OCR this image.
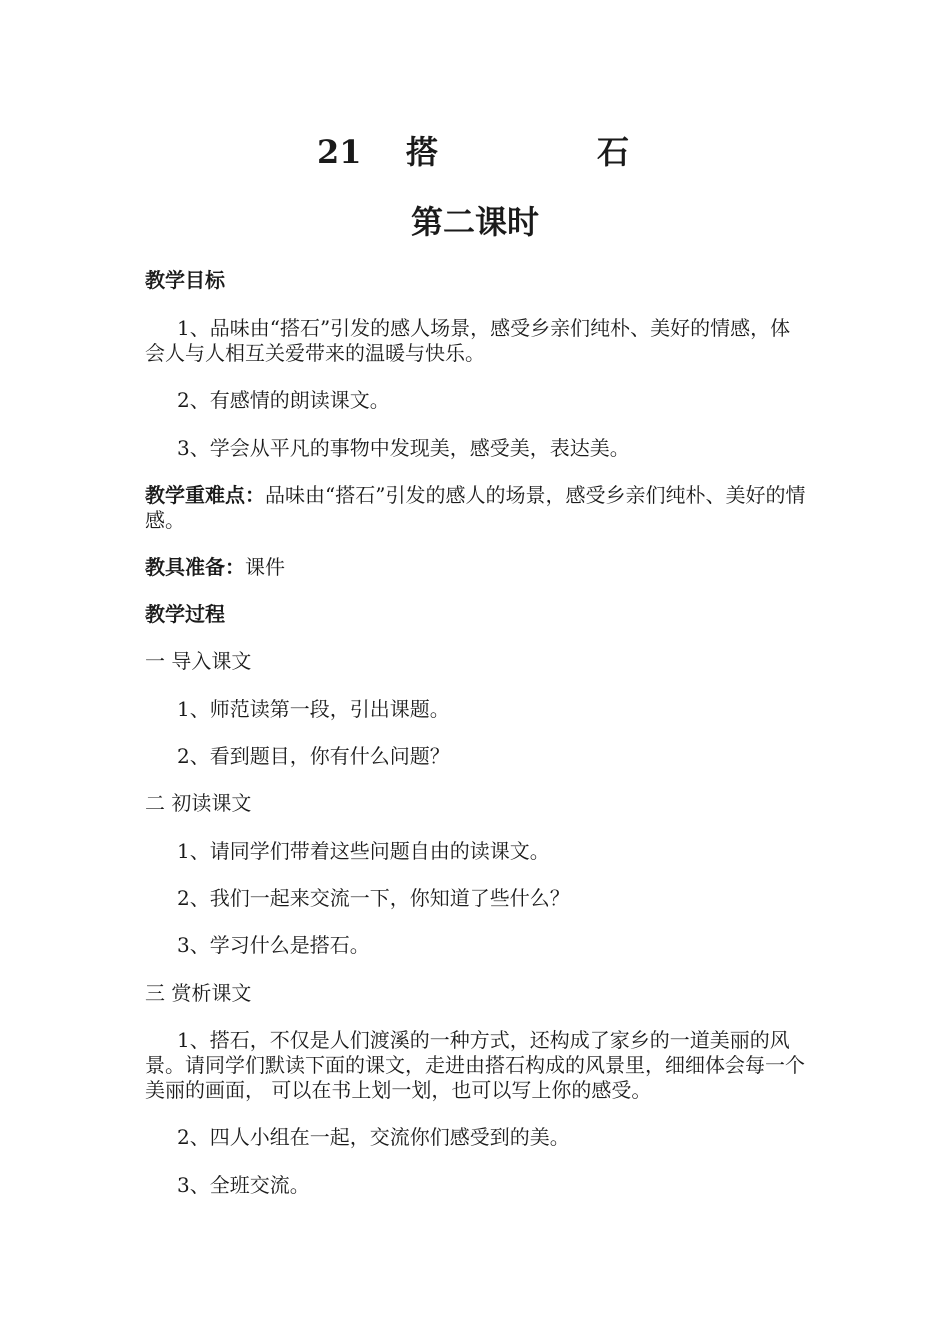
21 搭	石
第二课时

教学目标

1、品味由“搭石”引发的感人场景，感受乡亲们纯朴、美好的情感，体会人与人相互关爱带来的温暖与快乐。

2、有感情的朗读课文。

3、学会从平凡的事物中发现美，感受美，表达美。

教学重难点：品味由“搭石”引发的感人的场景，感受乡亲们纯朴、美好的情感。

教具准备：课件

教学过程

一 导入课文

1、师范读第一段，引出课题。

2、看到题目，你有什么问题？

二 初读课文

1、请同学们带着这些问题自由的读课文。

2、我们一起来交流一下，你知道了些什么？

3、学习什么是搭石。

三 赏析课文

1、搭石，不仅是人们渡溪的一种方式，还构成了家乡的一道美丽的风景。请同学们默读下面的课文，走进由搭石构成的风景里，细细体会每一个美丽的画面， 可以在书上划一划，也可以写上你的感受。

2、四人小组在一起，交流你们感受到的美。

3、全班交流。
